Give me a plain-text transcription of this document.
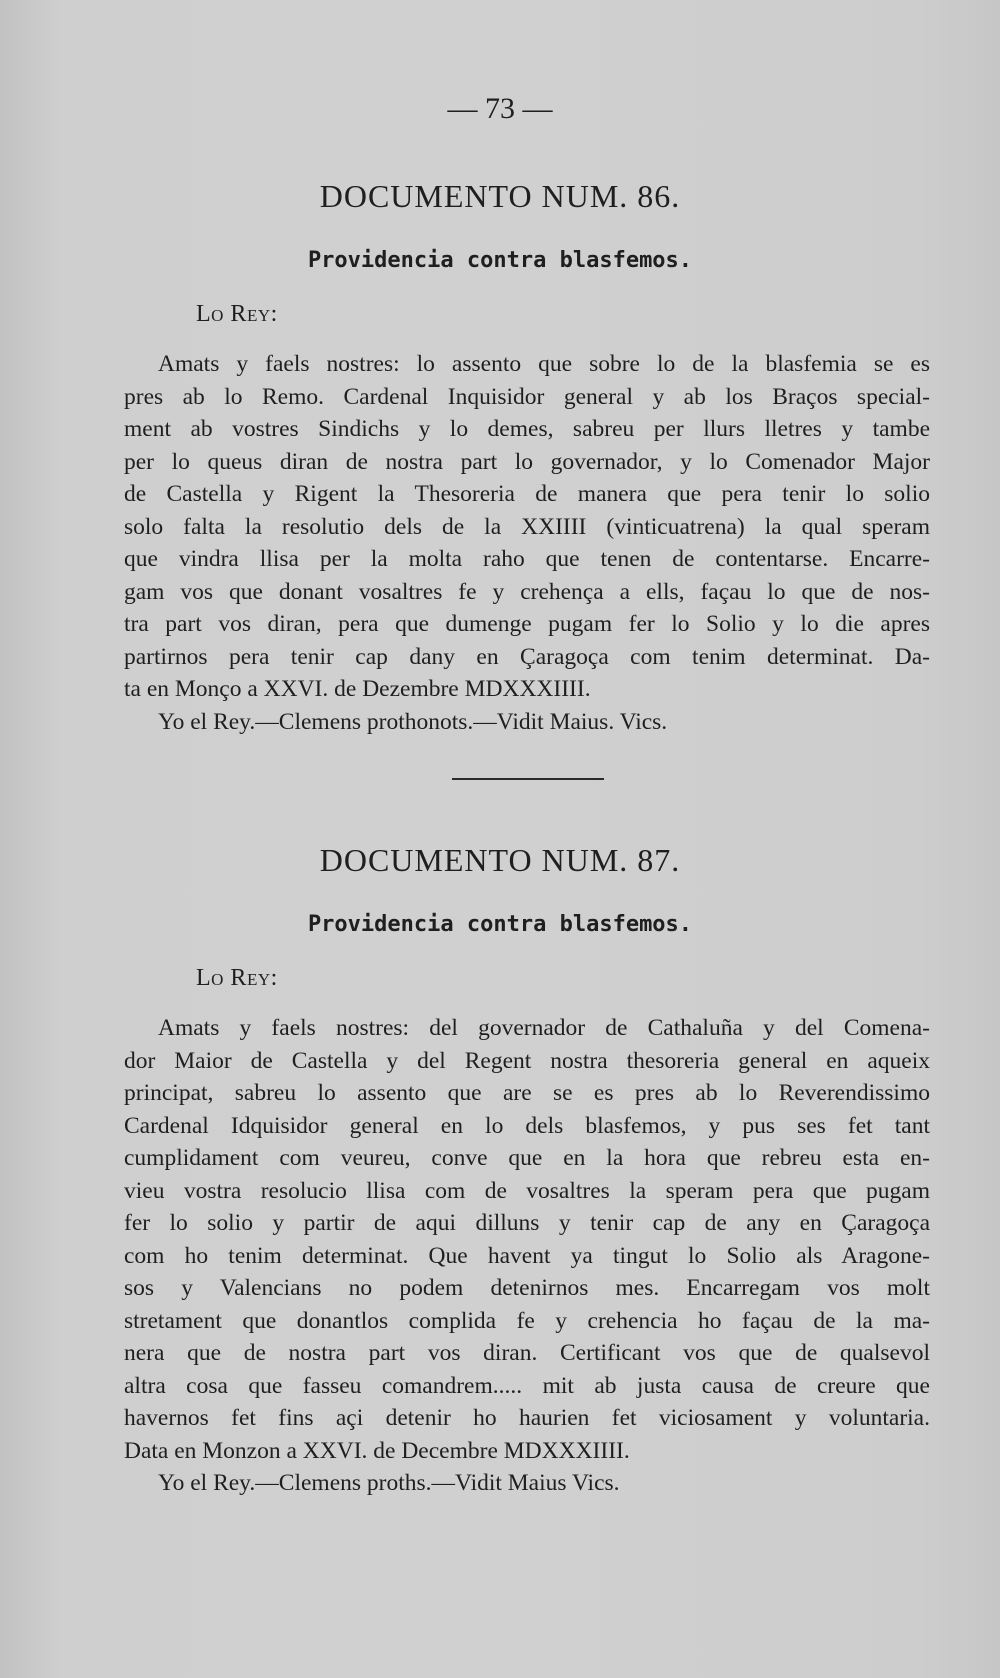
— 73 —
DOCUMENTO NUM. 86.
Providencia contra blasfemos.
Lo Rey:
Amats y faels nostres: lo assento que sobre lo de la blasfemia se es
pres ab lo Remo. Cardenal Inquisidor general y ab los Braços special-
ment ab vostres Sindichs y lo demes, sabreu per llurs lletres y tambe
per lo queus diran de nostra part lo governador, y lo Comenador Major
de Castella y Rigent la Thesoreria de manera que pera tenir lo solio
solo falta la resolutio dels de la XXIIII (vinticuatrena) la qual speram
que vindra llisa per la molta raho que tenen de contentarse. Encarre-
gam vos que donant vosaltres fe y crehença a ells, façau lo que de nos-
tra part vos diran, pera que dumenge pugam fer lo Solio y lo die apres
partirnos pera tenir cap dany en Çaragoça com tenim determinat. Da-
ta en Monço a XXVI. de Dezembre MDXXXIIII.
Yo el Rey.—Clemens prothonots.—Vidit Maius. Vics.
DOCUMENTO NUM. 87.
Providencia contra blasfemos.
Lo Rey:
Amats y faels nostres: del governador de Cathaluña y del Comena-
dor Maior de Castella y del Regent nostra thesoreria general en aqueix
principat, sabreu lo assento que are se es pres ab lo Reverendissimo
Cardenal Idquisidor general en lo dels blasfemos, y pus ses fet tant
cumplidament com veureu, conve que en la hora que rebreu esta en-
vieu vostra resolucio llisa com de vosaltres la speram pera que pugam
fer lo solio y partir de aqui dilluns y tenir cap de any en Çaragoça
com ho tenim determinat. Que havent ya tingut lo Solio als Aragone-
sos y Valencians no podem detenirnos mes. Encarregam vos molt
stretament que donantlos complida fe y crehencia ho façau de la ma-
nera que de nostra part vos diran. Certificant vos que de qualsevol
altra cosa que fasseu comandrem..... mit ab justa causa de creure que
havernos fet fins açi detenir ho haurien fet viciosament y voluntaria.
Data en Monzon a XXVI. de Decembre MDXXXIIII.
Yo el Rey.—Clemens proths.—Vidit Maius Vics.
